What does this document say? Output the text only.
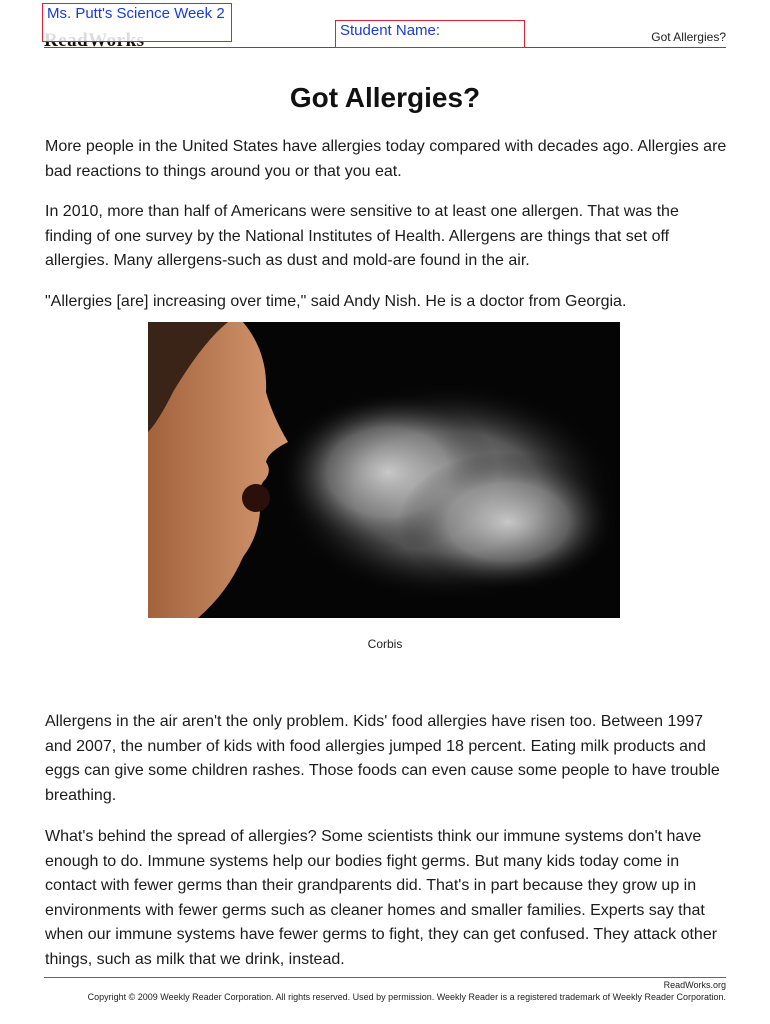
Got Allergies?
Ms. Putt's Science Week 2
Student Name:
Got Allergies?

More people in the United States have allergies today compared with decades ago. Allergies are bad reactions to things around you or that you eat.

In 2010, more than half of Americans were sensitive to at least one allergen. That was the finding of one survey by the National Institutes of Health. Allergens are things that set off allergies. Many allergens-such as dust and mold-are found in the air.

"Allergies [are] increasing over time," said Andy Nish. He is a doctor from Georgia.

Corbis

Allergens in the air aren't the only problem. Kids' food allergies have risen too. Between 1997 and 2007, the number of kids with food allergies jumped 18 percent. Eating milk products and eggs can give some children rashes. Those foods can even cause some people to have trouble breathing.

What's behind the spread of allergies? Some scientists think our immune systems don't have enough to do. Immune systems help our bodies fight germs. But many kids today come in contact with fewer germs than their grandparents did. That's in part because they grow up in environments with fewer germs such as cleaner homes and smaller families. Experts say that when our immune systems have fewer germs to fight, they can get confused. They attack other things, such as milk that we drink, instead.

ReadWorks.org
Copyright © 2009 Weekly Reader Corporation. All rights reserved. Used by permission. Weekly Reader is a registered trademark of Weekly Reader Corporation.
